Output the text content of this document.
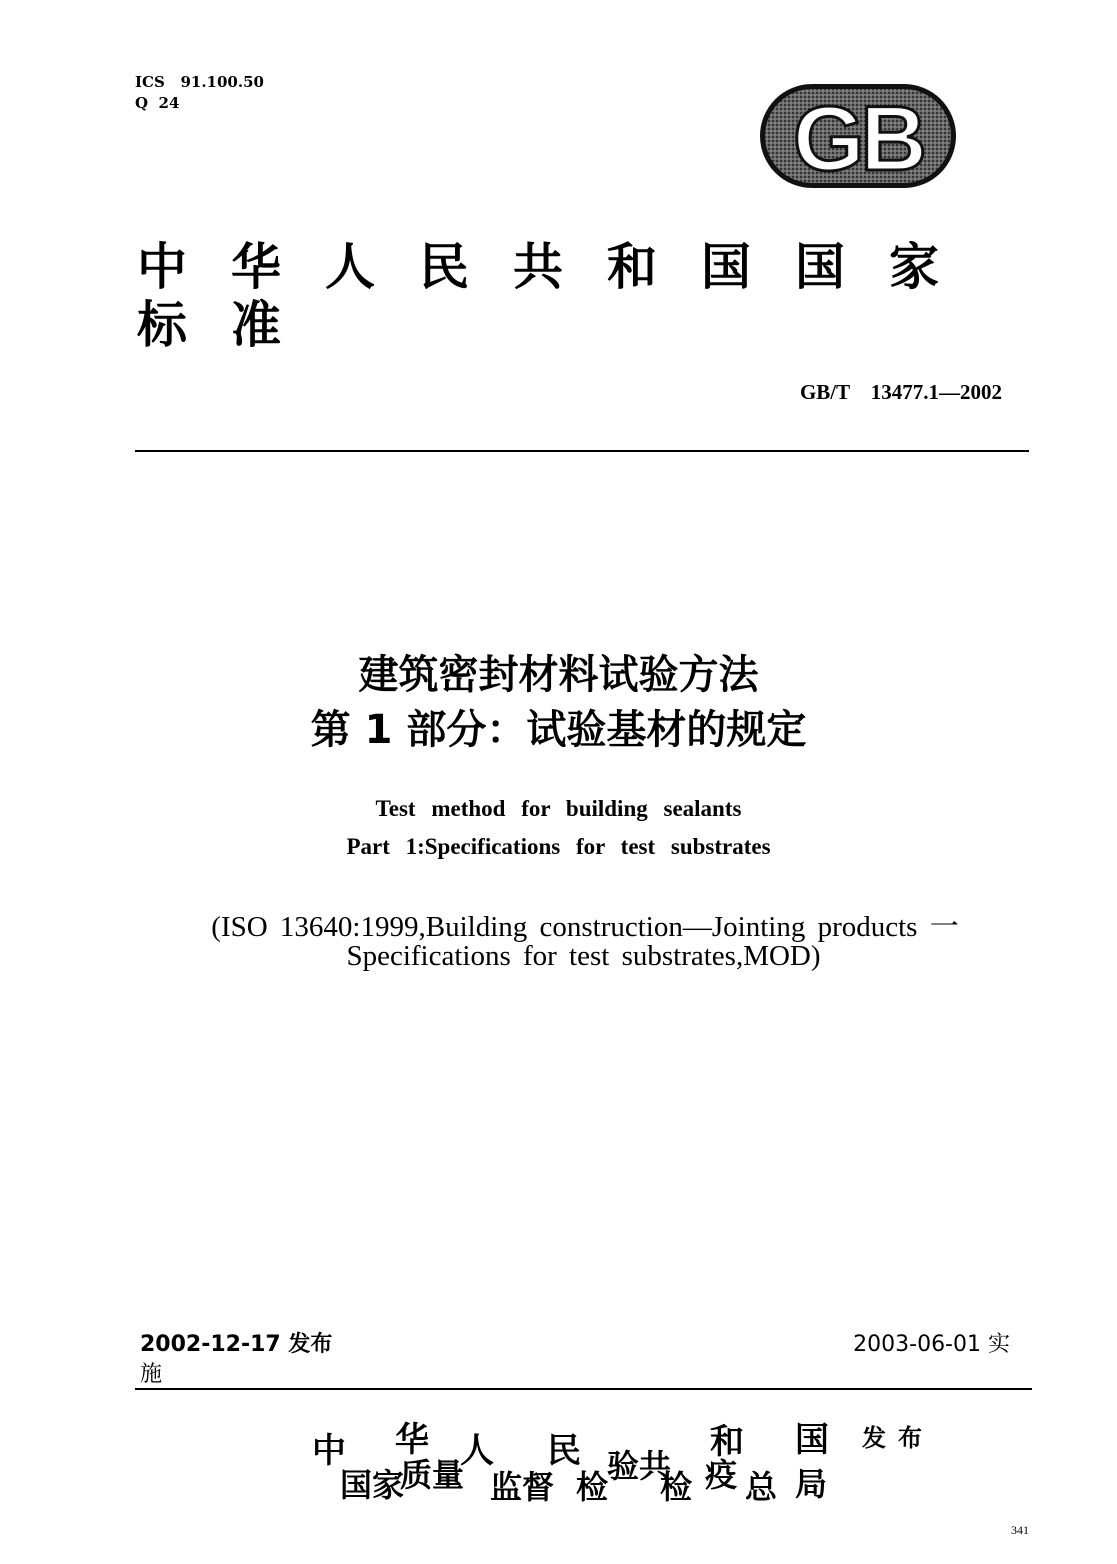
ICS   91.100.50
Q  24	GB
中华人民共和国国家标准
GB/T    13477.1—2002
建筑密封材料试验方法
第 1 部分：试验基材的规定
Test method for building sealants
Part 1:Specifications for test substrates
(ISO 13640:1999,Building construction—Jointing products 一
Specifications for test substrates,MOD)
2002-12-17 发布	2003-06-01 实
施
中 华 人 民	和 国
国家
质量 监督 检
验共
检 疫 总 局
发布
341
